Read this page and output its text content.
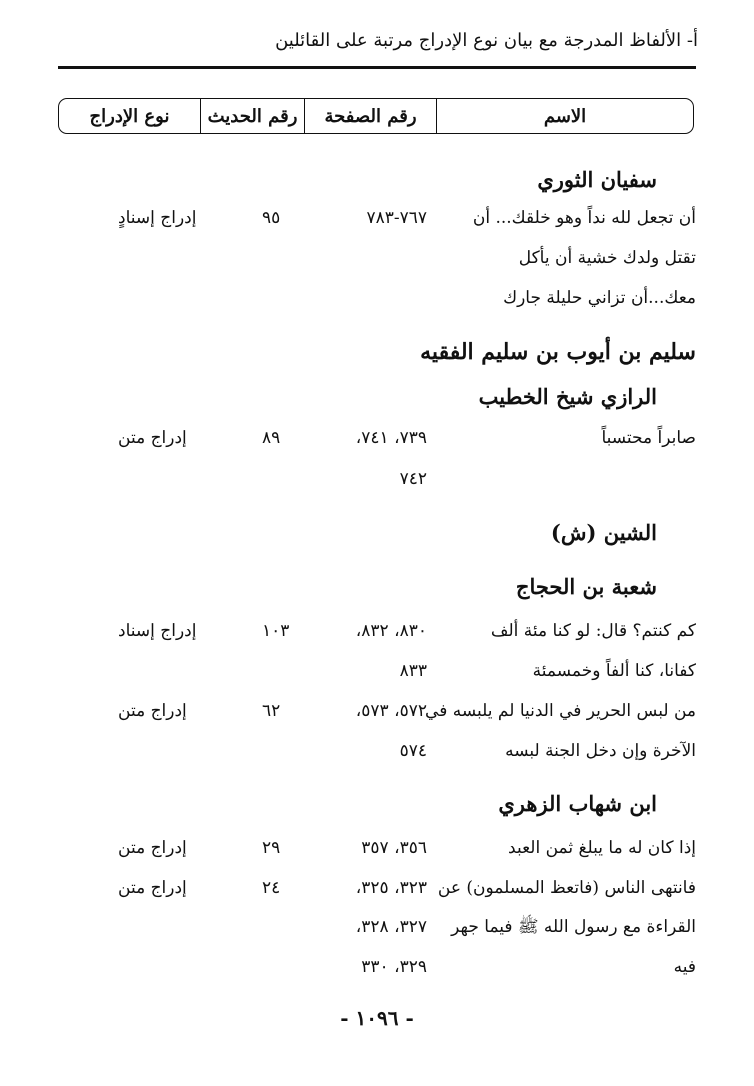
أ- الألفاظ المدرجة مع بيان نوع الإدراج مرتبة على القائلين
الاسم
رقم الصفحة
رقم الحديث
نوع الإدراج
سفيان الثوري
أن تجعل لله نداً وهو خلقك... أن
٧٦٧-٧٨٣
٩٥
إدراج إسنادٍ
تقتل ولدك خشية أن يأكل
معك...أن تزاني حليلة جارك
سليم بن أيوب بن سليم الفقيه
الرازي شيخ الخطيب
صابراً محتسباً
٧٣٩، ٧٤١،
٨٩
إدراج متن
٧٤٢
الشين (ش)
شعبة بن الحجاج
كم كنتم؟ قال: لو كنا مئة ألف
٨٣٠، ٨٣٢،
١٠٣
إدراج إسناد
كفانا، كنا ألفاً وخمسمئة
٨٣٣
من لبس الحرير في الدنيا لم يلبسه في
٥٧٢، ٥٧٣،
٦٢
إدراج متن
الآخرة وإن دخل الجنة لبسه
٥٧٤
ابن شهاب الزهري
إذا كان له ما يبلغ ثمن العبد
٣٥٦، ٣٥٧
٢٩
إدراج متن
فانتهى الناس (فاتعظ المسلمون) عن
٣٢٣، ٣٢٥،
٢٤
إدراج متن
القراءة مع رسول الله ﷺ فيما جهر
٣٢٧، ٣٢٨،
فيه
٣٢٩، ٣٣٠
- ١٠٩٦ -
